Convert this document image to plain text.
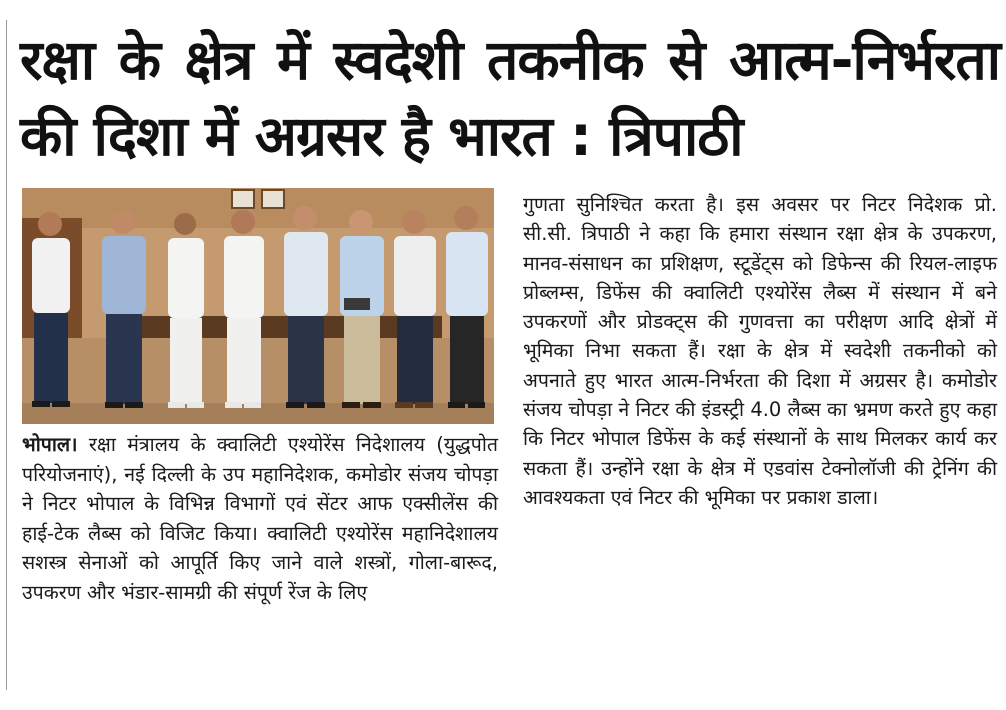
रक्षा के क्षेत्र में स्वदेशी तकनीक से आत्म-निर्भरता की दिशा में अग्रसर है भारत : त्रिपाठी

भोपाल। रक्षा मंत्रालय के क्वालिटी एश्योरेंस निदेशालय (युद्धपोत परियोजनाएं), नई दिल्ली के उप महानिदेशक, कमोडोर संजय चोपड़ा ने निटर भोपाल के विभिन्न विभागों एवं सेंटर आफ एक्सीलेंस की हाई-टेक लैब्स को विजिट किया। क्वालिटी एश्योरेंस महानिदेशालय सशस्त्र सेनाओं को आपूर्ति किए जाने वाले शस्त्रों, गोला-बारूद, उपकरण और भंडार-सामग्री की संपूर्ण रेंज के लिए

गुणता सुनिश्चित करता है। इस अवसर पर निटर निदेशक प्रो. सी.सी. त्रिपाठी ने कहा कि हमारा संस्थान रक्षा क्षेत्र के उपकरण, मानव-संसाधन का प्रशिक्षण, स्टूडेंट्स को डिफेन्स की रियल-लाइफ प्रोब्लम्स, डिफेंस की क्वालिटी एश्योरेंस लैब्स में संस्थान में बने उपकरणों और प्रोडक्ट्स की गुणवत्ता का परीक्षण आदि क्षेत्रों में भूमिका निभा सकता हैं। रक्षा के क्षेत्र में स्वदेशी तकनीको को अपनाते हुए भारत आत्म-निर्भरता की दिशा में अग्रसर है। कमोडोर संजय चोपड़ा ने निटर की इंडस्ट्री 4.0 लैब्स का भ्रमण करते हुए कहा कि निटर भोपाल डिफेंस के कई संस्थानों के साथ मिलकर कार्य कर सकता हैं। उन्होंने रक्षा के क्षेत्र में एडवांस टेक्नोलॉजी की ट्रेनिंग की आवश्यकता एवं निटर की भूमिका पर प्रकाश डाला।
